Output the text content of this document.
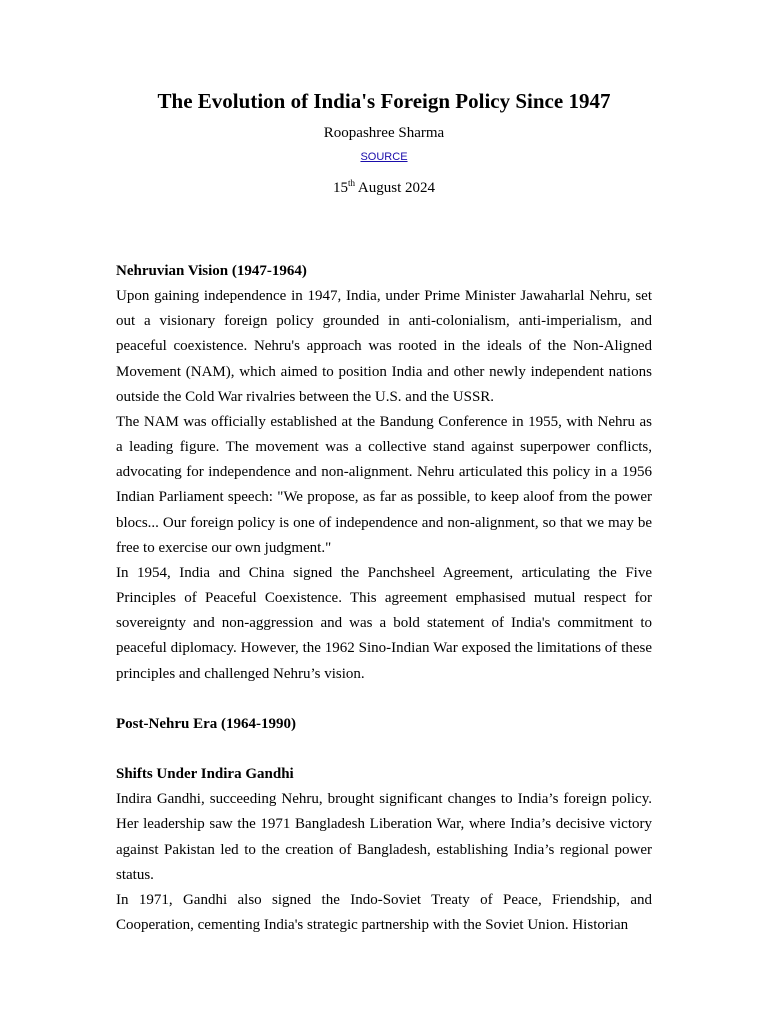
The Evolution of India's Foreign Policy Since 1947
Roopashree Sharma
SOURCE
15th August 2024
Nehruvian Vision (1947-1964)

Upon gaining independence in 1947, India, under Prime Minister Jawaharlal Nehru, set out a visionary foreign policy grounded in anti-colonialism, anti-imperialism, and peaceful coexistence. Nehru's approach was rooted in the ideals of the Non-Aligned Movement (NAM), which aimed to position India and other newly independent nations outside the Cold War rivalries between the U.S. and the USSR.

The NAM was officially established at the Bandung Conference in 1955, with Nehru as a leading figure. The movement was a collective stand against superpower conflicts, advocating for independence and non-alignment. Nehru articulated this policy in a 1956 Indian Parliament speech: "We propose, as far as possible, to keep aloof from the power blocs... Our foreign policy is one of independence and non-alignment, so that we may be free to exercise our own judgment."

In 1954, India and China signed the Panchsheel Agreement, articulating the Five Principles of Peaceful Coexistence. This agreement emphasised mutual respect for sovereignty and non-aggression and was a bold statement of India's commitment to peaceful diplomacy. However, the 1962 Sino-Indian War exposed the limitations of these principles and challenged Nehru’s vision.

Post-Nehru Era (1964-1990)
Shifts Under Indira Gandhi

Indira Gandhi, succeeding Nehru, brought significant changes to India’s foreign policy. Her leadership saw the 1971 Bangladesh Liberation War, where India’s decisive victory against Pakistan led to the creation of Bangladesh, establishing India’s regional power status.

In 1971, Gandhi also signed the Indo-Soviet Treaty of Peace, Friendship, and Cooperation, cementing India's strategic partnership with the Soviet Union. Historian
